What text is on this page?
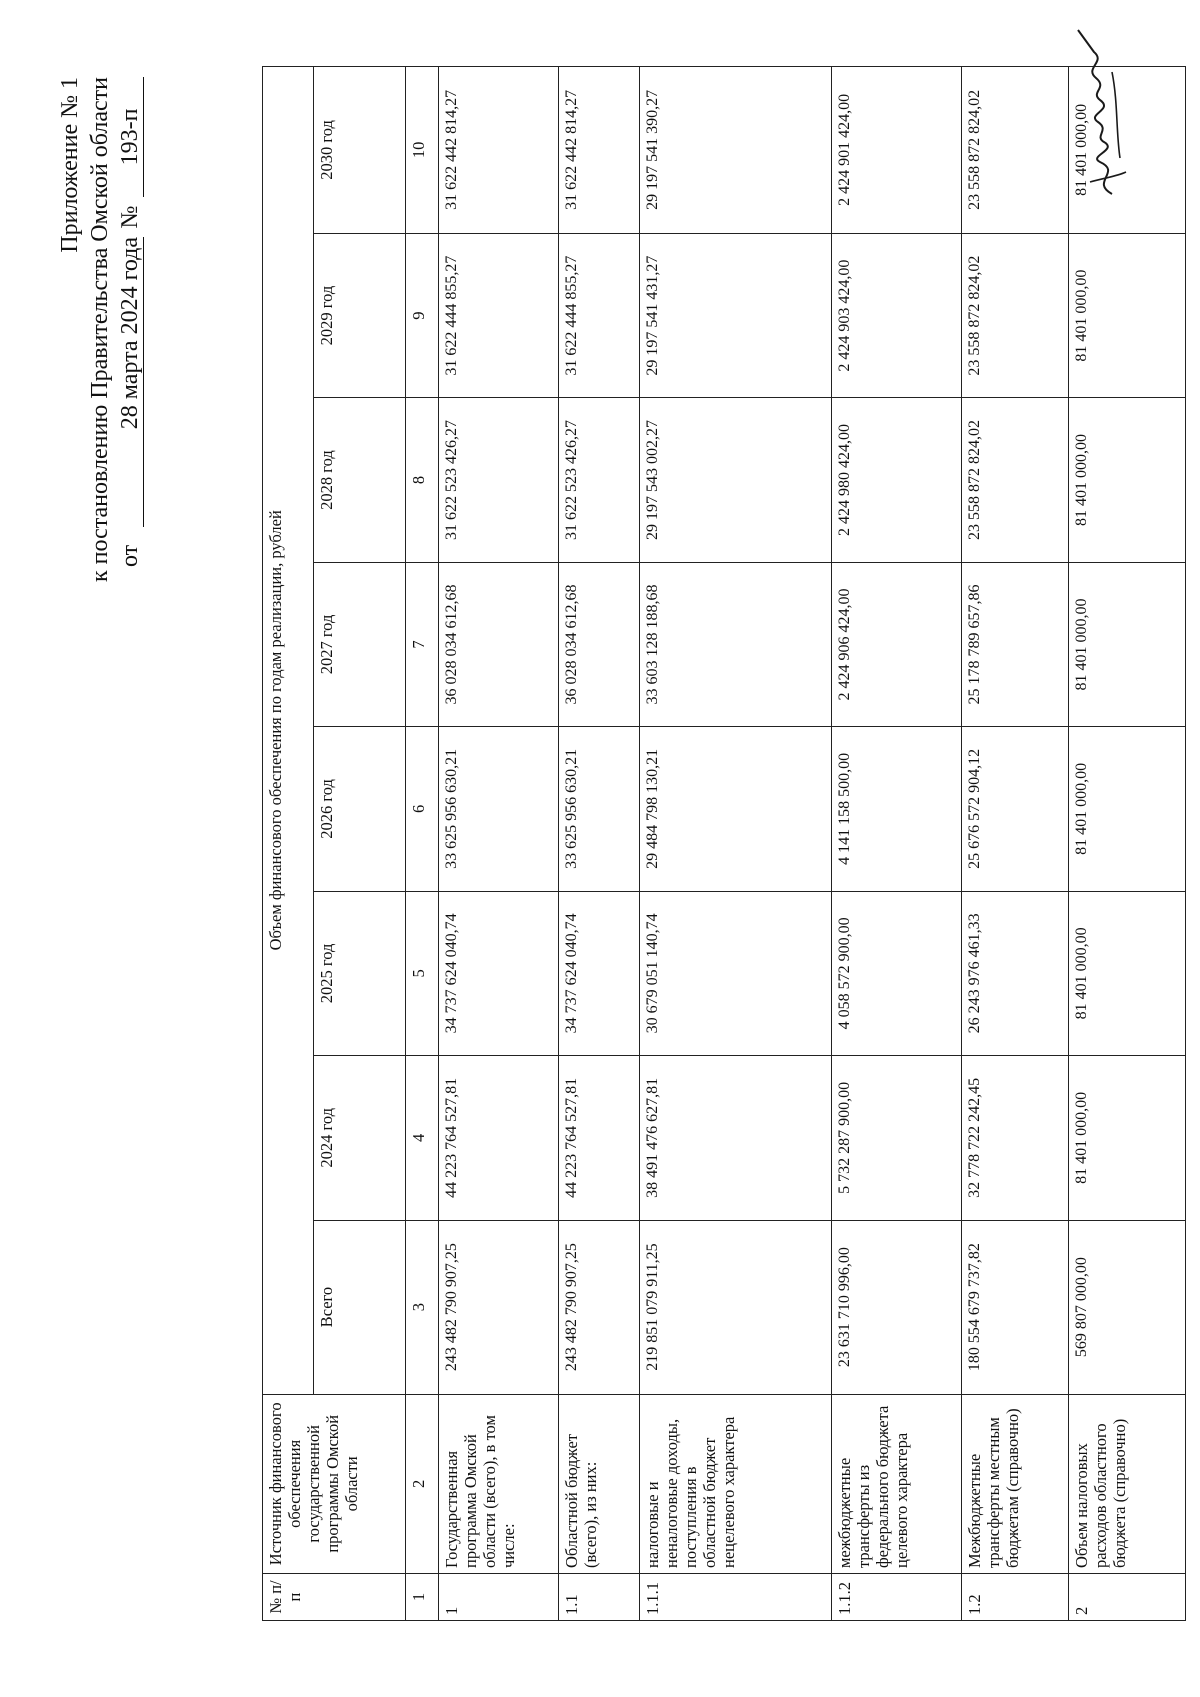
Приложение № 1 к постановлению Правительства Омской области от28 марта 2024 года№193-п
№ п/п	Источник финансового обеспечения государственной программы Омской области	Объем финансового обеспечения по годам реализации, рублей							
		Всего	2024 год	2025 год	2026 год	2027 год	2028 год	2029 год	2030 год
1	2	3	4	5	6	7	8	9	10
1	Государственная программа Омской области (всего), в том числе:	243 482 790 907,25	44 223 764 527,81	34 737 624 040,74	33 625 956 630,21	36 028 034 612,68	31 622 523 426,27	31 622 444 855,27	31 622 442 814,27
1.1	Областной бюджет (всего), из них:	243 482 790 907,25	44 223 764 527,81	34 737 624 040,74	33 625 956 630,21	36 028 034 612,68	31 622 523 426,27	31 622 444 855,27	31 622 442 814,27
1.1.1	налоговые и неналоговые доходы, поступления в областной бюджет нецелевого характера	219 851 079 911,25	38 491 476 627,81	30 679 051 140,74	29 484 798 130,21	33 603 128 188,68	29 197 543 002,27	29 197 541 431,27	29 197 541 390,27
1.1.2	межбюджетные трансферты из федерального бюджета целевого характера	23 631 710 996,00	5 732 287 900,00	4 058 572 900,00	4 141 158 500,00	2 424 906 424,00	2 424 980 424,00	2 424 903 424,00	2 424 901 424,00
1.2	Межбюджетные трансферты местным бюджетам (справочно)	180 554 679 737,82	32 778 722 242,45	26 243 976 461,33	25 676 572 904,12	25 178 789 657,86	23 558 872 824,02	23 558 872 824,02	23 558 872 824,02
2	Объем налоговых расходов областного бюджета (справочно)	569 807 000,00	81 401 000,00	81 401 000,00	81 401 000,00	81 401 000,00	81 401 000,00	81 401 000,00	81 401 000,00
